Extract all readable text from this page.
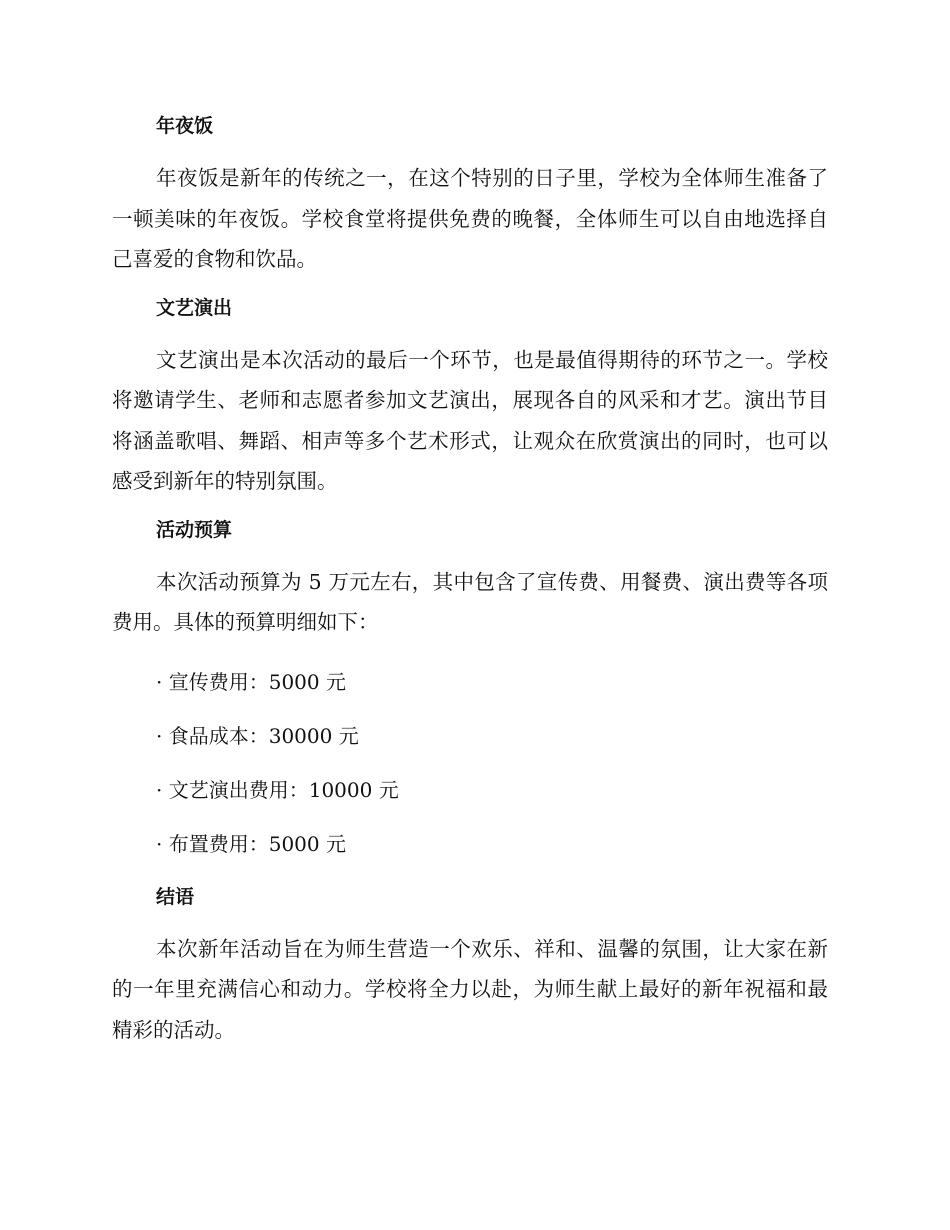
年夜饭

年夜饭是新年的传统之一，在这个特别的日子里，学校为全体师生准备了一顿美味的年夜饭。学校食堂将提供免费的晚餐，全体师生可以自由地选择自己喜爱的食物和饮品。

文艺演出

文艺演出是本次活动的最后一个环节，也是最值得期待的环节之一。学校将邀请学生、老师和志愿者参加文艺演出，展现各自的风采和才艺。演出节目将涵盖歌唱、舞蹈、相声等多个艺术形式，让观众在欣赏演出的同时，也可以感受到新年的特别氛围。

活动预算

本次活动预算为 5 万元左右，其中包含了宣传费、用餐费、演出费等各项费用。具体的预算明细如下：

· 宣传费用：5000 元

· 食品成本：30000 元

· 文艺演出费用：10000 元

· 布置费用：5000 元

结语

本次新年活动旨在为师生营造一个欢乐、祥和、温馨的氛围，让大家在新的一年里充满信心和动力。学校将全力以赴，为师生献上最好的新年祝福和最精彩的活动。
